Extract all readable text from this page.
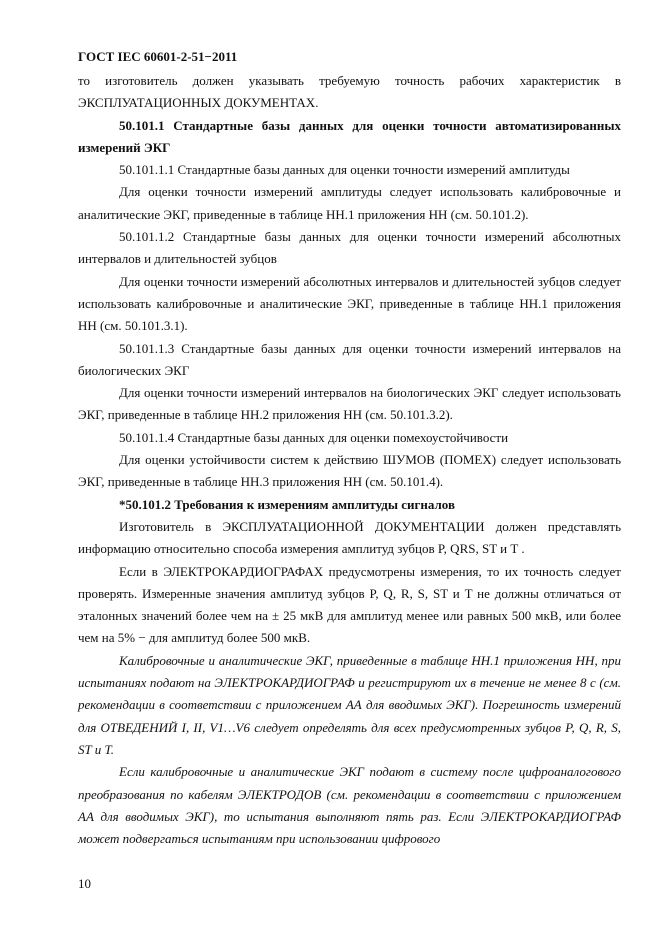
ГОСТ IEC 60601-2-51−2011

то изготовитель должен указывать требуемую точность рабочих характеристик в ЭКСПЛУАТАЦИОННЫХ ДОКУМЕНТАХ.

50.101.1 Стандартные базы данных для оценки точности автоматизированных измерений ЭКГ

50.101.1.1 Стандартные базы данных для оценки точности измерений амплитуды

Для оценки точности измерений амплитуды следует использовать калибровочные и аналитические ЭКГ, приведенные в таблице НН.1 приложения НН (см. 50.101.2).

50.101.1.2 Стандартные базы данных для оценки точности измерений абсолютных интервалов и длительностей зубцов

Для оценки точности измерений абсолютных интервалов и длительностей зубцов следует использовать калибровочные и аналитические ЭКГ, приведенные в таблице НН.1 приложения НН (см. 50.101.3.1).

50.101.1.3 Стандартные базы данных для оценки точности измерений интервалов на биологических ЭКГ

Для оценки точности измерений интервалов на биологических ЭКГ следует использовать ЭКГ, приведенные в таблице НН.2 приложения НН (см. 50.101.3.2).

50.101.1.4 Стандартные базы данных для оценки помехоустойчивости

Для оценки устойчивости систем к действию ШУМОВ (ПОМЕХ) следует использовать ЭКГ, приведенные в таблице НН.3 приложения НН (см. 50.101.4).

*50.101.2 Требования к измерениям амплитуды сигналов

Изготовитель в ЭКСПЛУАТАЦИОННОЙ ДОКУМЕНТАЦИИ должен представлять информацию относительно способа измерения амплитуд зубцов P, QRS, ST и T .

Если в ЭЛЕКТРОКАРДИОГРАФАХ предусмотрены измерения, то их точность следует проверять. Измеренные значения амплитуд зубцов P, Q, R, S, ST и T не должны отличаться от эталонных значений более чем на ± 25 мкВ для амплитуд менее или равных 500 мкВ, или более чем на 5% − для амплитуд более 500 мкВ.

Калибровочные и аналитические ЭКГ, приведенные в таблице НН.1 приложения НН, при испытаниях подают на ЭЛЕКТРОКАРДИОГРАФ и регистрируют их в течение не менее 8 с (см. рекомендации в соответствии с приложением АА для вводимых ЭКГ). Погрешность измерений для ОТВЕДЕНИЙ I, II, V1…V6 следует определять для всех предусмотренных зубцов P, Q, R, S, ST и T.

Если калибровочные и аналитические ЭКГ подают в систему после цифроаналогового преобразования по кабелям ЭЛЕКТРОДОВ (см. рекомендации в соответствии с приложением АА для вводимых ЭКГ), то испытания выполняют пять раз. Если ЭЛЕКТРОКАРДИОГРАФ может подвергаться испытаниям при использовании цифрового

10
